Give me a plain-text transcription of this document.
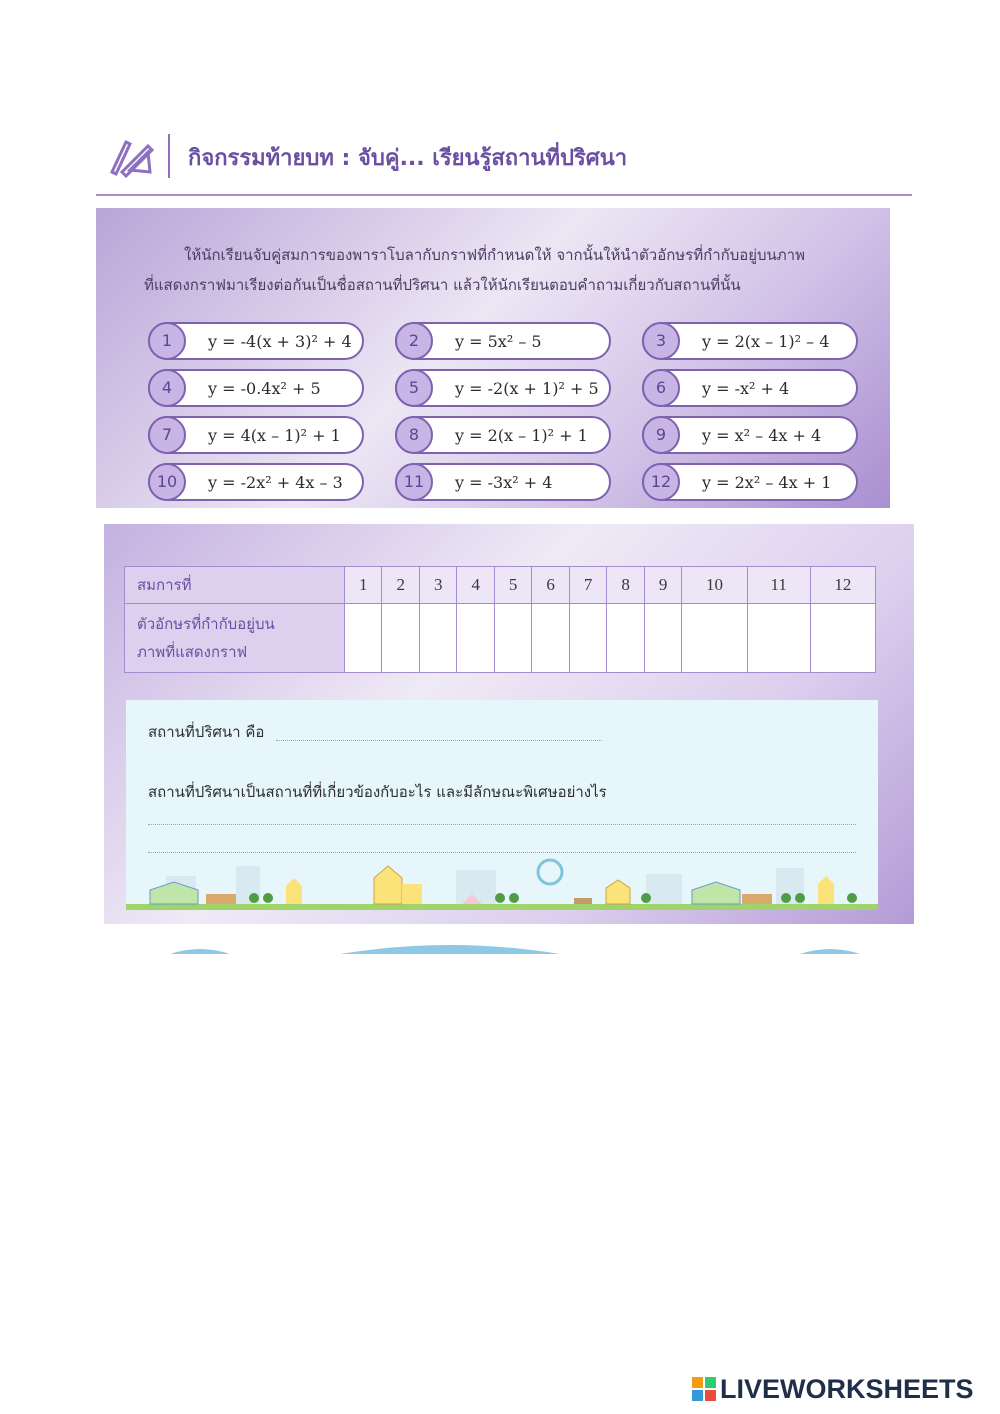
กิจกรรมท้ายบท : จับคู่... เรียนรู้สถานที่ปริศนา

ให้นักเรียนจับคู่สมการของพาราโบลากับกราฟที่กำหนดให้ จากนั้นให้นำตัวอักษรที่กำกับอยู่บนภาพ

ที่แสดงกราฟมาเรียงต่อกันเป็นชื่อสถานที่ปริศนา แล้วให้นักเรียนตอบคำถามเกี่ยวกับสถานที่นั้น

1	y = -4(x + 3)² + 4	2	y = 5x² – 5	3	y = 2(x – 1)² – 4
4	y = -0.4x² + 5	5	y = -2(x + 1)² + 5	6	y = -x² + 4
7	y = 4(x – 1)² + 1	8	y = 2(x – 1)² + 1	9	y = x² – 4x + 4
10	y = -2x² + 4x – 3	11	y = -3x² + 4	12	y = 2x² – 4x + 1
สมการที่	1	2	3	4	5	6	7	8	9	10	11	12

ตัวอักษรที่กำกับอยู่บน
ภาพที่แสดงกราฟ												

สถานที่ปริศนา คือ
สถานที่ปริศนาเป็นสถานที่ที่เกี่ยวข้องกับอะไร และมีลักษณะพิเศษอย่างไร
LIVEWORKSHEETS
